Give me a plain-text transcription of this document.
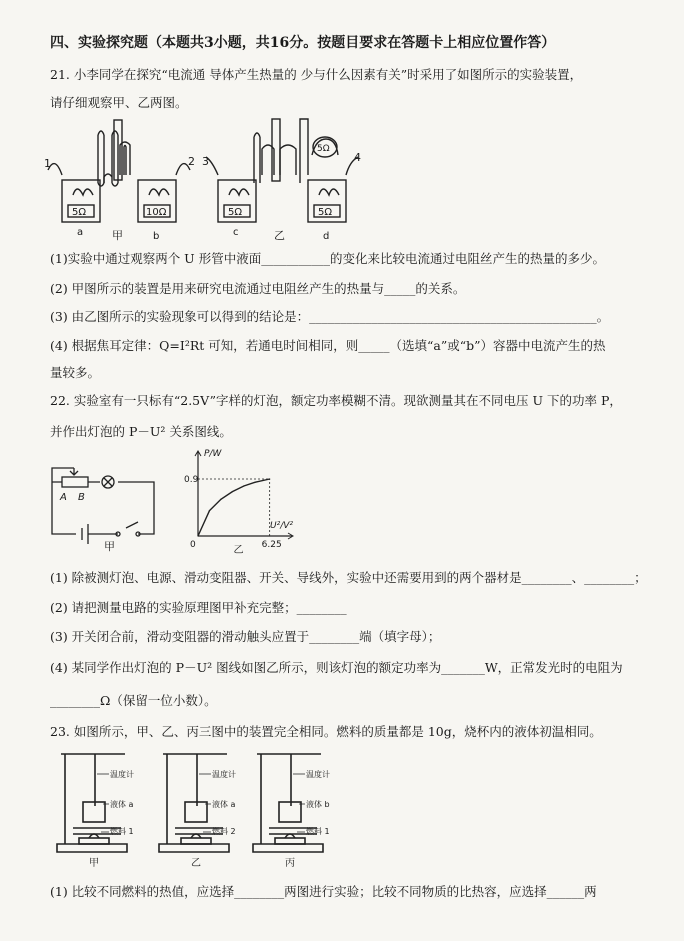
四、实验探究题（本题共3小题，共16分。按题目要求在答题卡上相应位置作答）
21. 小李同学在探究“电流通 导体产生热量的 少与什么因素有关”时采用了如图所示的实验装置，
请仔细观察甲、乙两图。
1	2
5Ω	10Ω
a	b
甲
3	4
5Ω
5Ω	5Ω
c	d
乙
(1)实验中通过观察两个 U 形管中液面___________的变化来比较电流通过电阻丝产生的热量的多少。
(2) 甲图所示的装置是用来研究电流通过电阻丝产生的热量与_____的关系。
(3) 由乙图所示的实验现象可以得到的结论是：______________________________________________。
(4) 根据焦耳定律：Q=I²Rt 可知，若通电时间相同，则_____（选填“a”或“b”）容器中电流产生的热
量较多。
22. 实验室有一只标有“2.5V”字样的灯泡，额定功率模糊不清。现欲测量其在不同电压 U 下的功率 P，
并作出灯泡的 P－U² 关系图线。
A B
甲
P/W
U²/V²
0.9
6.25
0	乙
(1) 除被测灯泡、电源、滑动变阻器、开关、导线外，实验中还需要用到的两个器材是________、________；
(2) 请把测量电路的实验原理图甲补充完整；________
(3) 开关闭合前，滑动变阻器的滑动触头应置于________端（填字母）；
(4) 某同学作出灯泡的 P－U² 图线如图乙所示，则该灯泡的额定功率为_______W，正常发光时的电阻为
________Ω（保留一位小数）。
23. 如图所示，甲、乙、丙三图中的装置完全相同。燃料的质量都是 10g，烧杯内的液体初温相同。
温度计
液体 a
燃料 1
甲
温度计
液体 a
燃料 2
乙
温度计
液体 b
燃料 1
丙
(1) 比较不同燃料的热值，应选择________两图进行实验；比较不同物质的比热容，应选择______两
